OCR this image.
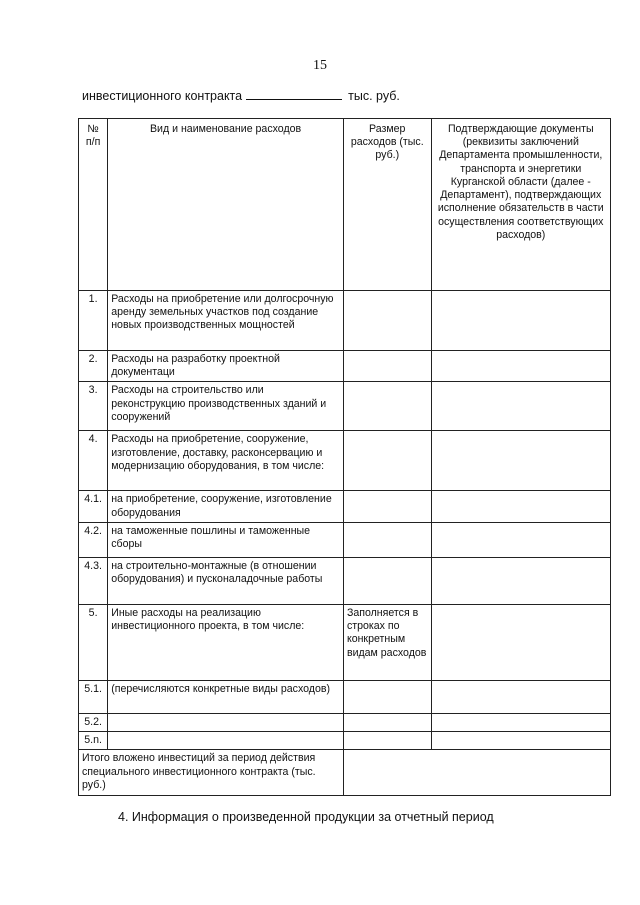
15
инвестиционного контракта	тыс. руб.
№ п/п	Вид и наименование расходов	Размер расходов (тыс. руб.)	Подтверждающие документы (реквизиты заключений Департамента промышленности, транспорта и энергетики Курганской области (далее - Департамент), подтверждающих исполнение обязательств в части осуществления соответствующих расходов)
1.	Расходы на приобретение или долгосрочную аренду земельных участков под создание новых производственных мощностей		
2.	Расходы на разработку проектной документаци		
3.	Расходы на строительство или реконструкцию производственных зданий и сооружений		
4.	Расходы на приобретение, сооружение, изготовление, доставку, расконсервацию и модернизацию оборудования, в том числе:		
4.1.	на приобретение, сооружение, изготовление оборудования		
4.2.	на таможенные пошлины и таможенные сборы		
4.3.	на строительно-монтажные (в отношении оборудования) и пусконаладочные работы		
5.	Иные расходы на реализацию инвестиционного проекта, в том числе:	Заполняется в строках по конкретным видам расходов	
5.1.	(перечисляются конкретные виды расходов)		
5.2.			
5.n.			
Итого вложено инвестиций за период действия специального инвестиционного контракта (тыс. руб.)			
4. Информация о произведенной продукции за отчетный период
